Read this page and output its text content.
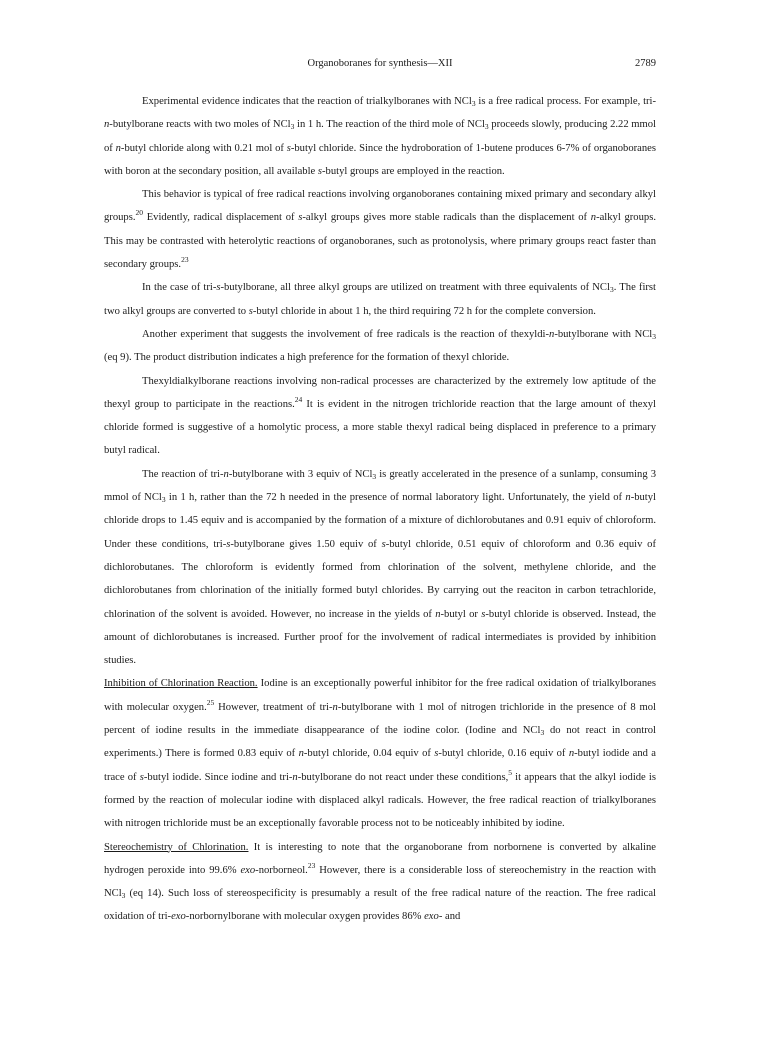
Organoboranes for synthesis—XII	2789

Experimental evidence indicates that the reaction of trialkylboranes with NCl$_3$ is a free radical process. For example, tri-n-butylborane reacts with two moles of NCl$_3$ in 1 h. The reaction of the third mole of NCl$_3$ proceeds slowly, producing 2.22 mmol of n-butyl chloride along with 0.21 mol of s-butyl chloride. Since the hydroboration of 1-butene produces 6-7% of organoboranes with boron at the secondary position, all available s-butyl groups are employed in the reaction.

This behavior is typical of free radical reactions involving organoboranes containing mixed primary and secondary alkyl groups.$^{20}$ Evidently, radical displacement of s-alkyl groups gives more stable radicals than the displacement of n-alkyl groups. This may be contrasted with heterolytic reactions of organoboranes, such as protonolysis, where primary groups react faster than secondary groups.$^{23}$

In the case of tri-s-butylborane, all three alkyl groups are utilized on treatment with three equivalents of NCl$_3$. The first two alkyl groups are converted to s-butyl chloride in about 1 h, the third requiring 72 h for the complete conversion.

Another experiment that suggests the involvement of free radicals is the reaction of thexyldi-n-butylborane with NCl$_3$ (eq 9). The product distribution indicates a high preference for the formation of thexyl chloride.

Thexyldialkylborane reactions involving non-radical processes are characterized by the extremely low aptitude of the thexyl group to participate in the reactions.$^{24}$ It is evident in the nitrogen trichloride reaction that the large amount of thexyl chloride formed is suggestive of a homolytic process, a more stable thexyl radical being displaced in preference to a primary butyl radical.

The reaction of tri-n-butylborane with 3 equiv of NCl$_3$ is greatly accelerated in the presence of a sunlamp, consuming 3 mmol of NCl$_3$ in 1 h, rather than the 72 h needed in the presence of normal laboratory light. Unfortunately, the yield of n-butyl chloride drops to 1.45 equiv and is accompanied by the formation of a mixture of dichlorobutanes and 0.91 equiv of chloroform. Under these conditions, tri-s-butylborane gives 1.50 equiv of s-butyl chloride, 0.51 equiv of chloroform and 0.36 equiv of dichlorobutanes. The chloroform is evidently formed from chlorination of the solvent, methylene chloride, and the dichlorobutanes from chlorination of the initially formed butyl chlorides. By carrying out the reaciton in carbon tetrachloride, chlorination of the solvent is avoided. However, no increase in the yields of n-butyl or s-butyl chloride is observed. Instead, the amount of dichlorobutanes is increased. Further proof for the involvement of radical intermediates is provided by inhibition studies.

Inhibition of Chlorination Reaction. Iodine is an exceptionally powerful inhibitor for the free radical oxidation of trialkylboranes with molecular oxygen.$^{25}$ However, treatment of tri-n-butylborane with 1 mol of nitrogen trichloride in the presence of 8 mol percent of iodine results in the immediate disappearance of the iodine color. (Iodine and NCl$_3$ do not react in control experiments.) There is formed 0.83 equiv of n-butyl chloride, 0.04 equiv of s-butyl chloride, 0.16 equiv of n-butyl iodide and a trace of s-butyl iodide. Since iodine and tri-n-butylborane do not react under these conditions,$^5$ it appears that the alkyl iodide is formed by the reaction of molecular iodine with displaced alkyl radicals. However, the free radical reaction of trialkylboranes with nitrogen trichloride must be an exceptionally favorable process not to be noticeably inhibited by iodine.

Stereochemistry of Chlorination. It is interesting to note that the organoborane from norbornene is converted by alkaline hydrogen peroxide into 99.6% exo-norborneol.$^{23}$ However, there is a considerable loss of stereochemistry in the reaction with NCl$_3$ (eq 14). Such loss of stereospecificity is presumably a result of the free radical nature of the reaction. The free radical oxidation of tri-exo-norbornylborane with molecular oxygen provides 86% exo- and
